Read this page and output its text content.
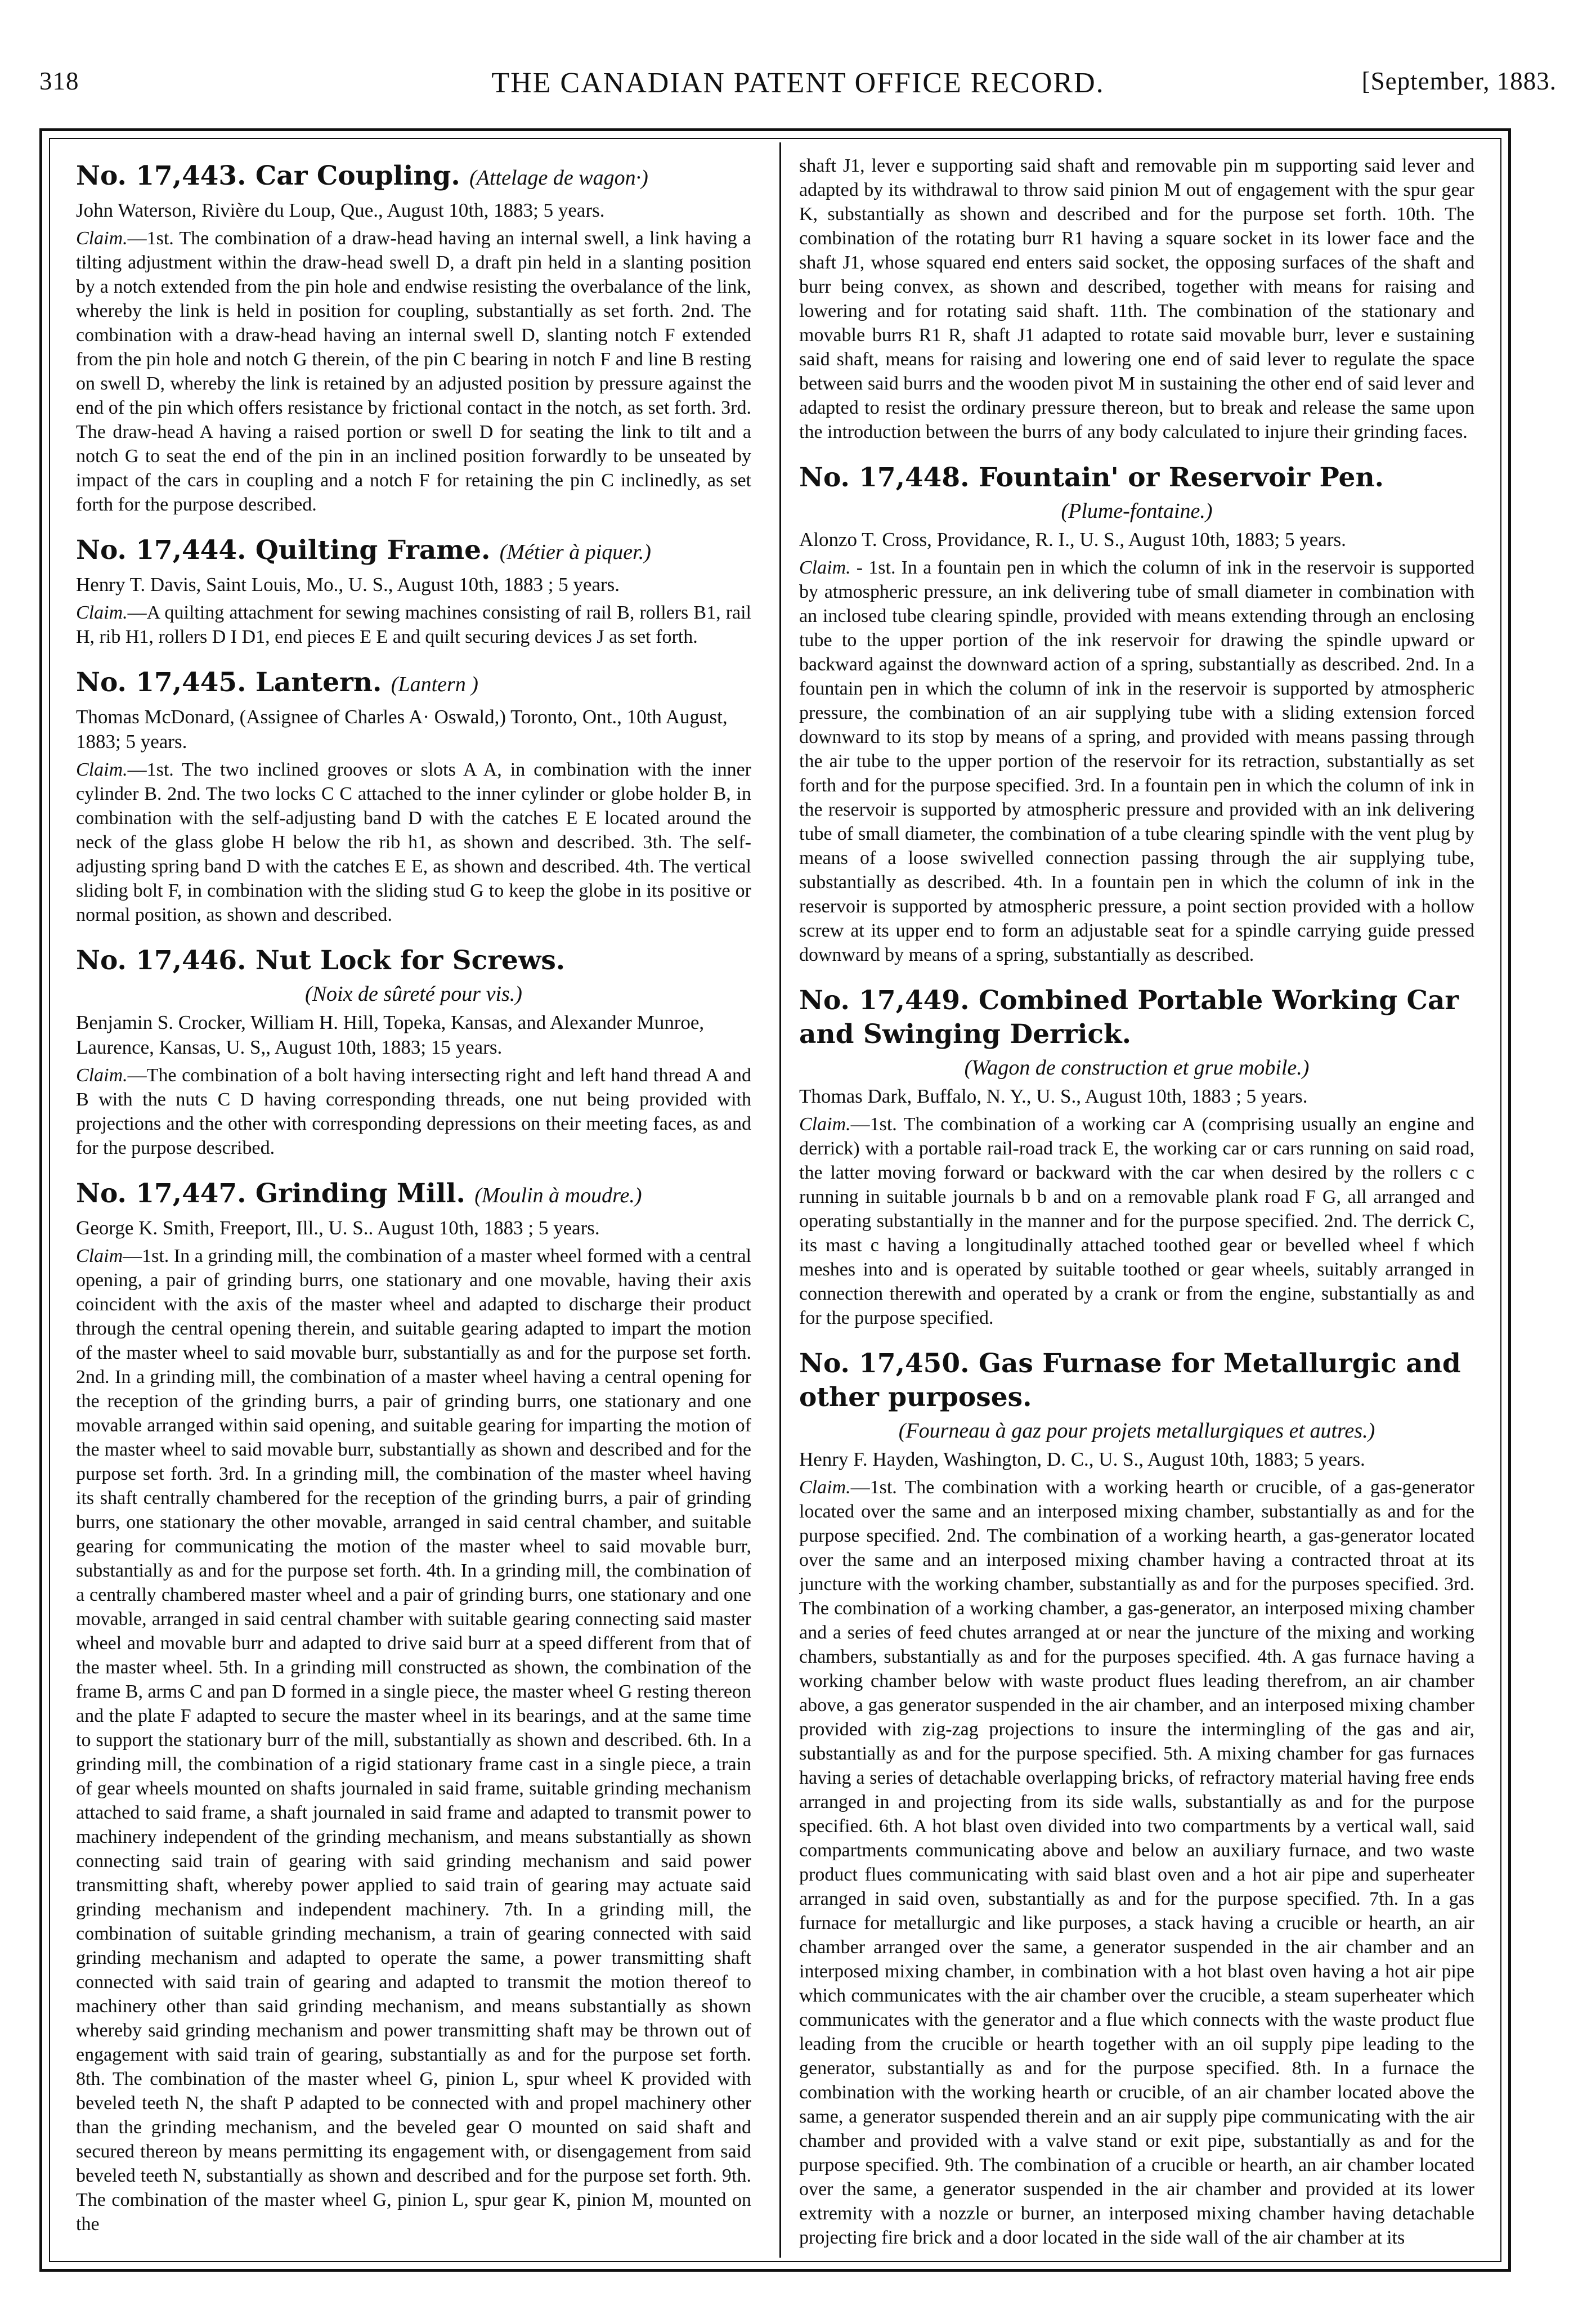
318	THE CANADIAN PATENT OFFICE RECORD.	[September, 1883.
No. 17,443. Car Coupling. (Attelage de wagon·)
John Waterson, Rivière du Loup, Que., August 10th, 1883; 5 years.
Claim.—1st. The combination of a draw-head having an internal swell, a link having a tilting adjustment within the draw-head swell D, a draft pin held in a slanting position by a notch extended from the pin hole and endwise resisting the overbalance of the link, whereby the link is held in position for coupling, substantially as set forth. 2nd. The combination with a draw-head having an internal swell D, slanting notch F extended from the pin hole and notch G therein, of the pin C bearing in notch F and line B resting on swell D, whereby the link is retained by an adjusted position by pressure against the end of the pin which offers resistance by frictional contact in the notch, as set forth. 3rd. The draw-head A having a raised portion or swell D for seating the link to tilt and a notch G to seat the end of the pin in an inclined position forwardly to be unseated by impact of the cars in coupling and a notch F for retaining the pin C inclinedly, as set forth for the purpose described.
No. 17,444. Quilting Frame. (Métier à piquer.)
Henry T. Davis, Saint Louis, Mo., U. S., August 10th, 1883 ; 5 years.
Claim.—A quilting attachment for sewing machines consisting of rail B, rollers B1, rail H, rib H1, rollers D I D1, end pieces E E and quilt securing devices J as set forth.
No. 17,445. Lantern. (Lantern )
Thomas McDonard, (Assignee of Charles A· Oswald,) Toronto, Ont., 10th August, 1883; 5 years.
Claim.—1st. The two inclined grooves or slots A A, in combination with the inner cylinder B. 2nd. The two locks C C attached to the inner cylinder or globe holder B, in combination with the self-adjusting band D with the catches E E located around the neck of the glass globe H below the rib h1, as shown and described. 3th. The self-adjusting spring band D with the catches E E, as shown and described. 4th. The vertical sliding bolt F, in combination with the sliding stud G to keep the globe in its positive or normal position, as shown and described.
No. 17,446. Nut Lock for Screws.
(Noix de sûreté pour vis.)
Benjamin S. Crocker, William H. Hill, Topeka, Kansas, and Alexander Munroe, Laurence, Kansas, U. S,, August 10th, 1883; 15 years.
Claim.—The combination of a bolt having intersecting right and left hand thread A and B with the nuts C D having corresponding threads, one nut being provided with projections and the other with corresponding depressions on their meeting faces, as and for the purpose described.
No. 17,447. Grinding Mill. (Moulin à moudre.)
George K. Smith, Freeport, Ill., U. S.. August 10th, 1883 ; 5 years.
Claim—1st. In a grinding mill, the combination of a master wheel formed with a central opening, a pair of grinding burrs, one stationary and one movable, having their axis coincident with the axis of the master wheel and adapted to discharge their product through the central opening therein, and suitable gearing adapted to impart the motion of the master wheel to said movable burr, substantially as and for the purpose set forth. 2nd. In a grinding mill, the combination of a master wheel having a central opening for the reception of the grinding burrs, a pair of grinding burrs, one stationary and one movable arranged within said opening, and suitable gearing for imparting the motion of the master wheel to said movable burr, substantially as shown and described and for the purpose set forth. 3rd. In a grinding mill, the combination of the master wheel having its shaft centrally chambered for the reception of the grinding burrs, a pair of grinding burrs, one stationary the other movable, arranged in said central chamber, and suitable gearing for communicating the motion of the master wheel to said movable burr, substantially as and for the purpose set forth. 4th. In a grinding mill, the combination of a centrally chambered master wheel and a pair of grinding burrs, one stationary and one movable, arranged in said central chamber with suitable gearing connecting said master wheel and movable burr and adapted to drive said burr at a speed different from that of the master wheel. 5th. In a grinding mill constructed as shown, the combination of the frame B, arms C and pan D formed in a single piece, the master wheel G resting thereon and the plate F adapted to secure the master wheel in its bearings, and at the same time to support the stationary burr of the mill, substantially as shown and described. 6th. In a grinding mill, the combination of a rigid stationary frame cast in a single piece, a train of gear wheels mounted on shafts journaled in said frame, suitable grinding mechanism attached to said frame, a shaft journaled in said frame and adapted to transmit power to machinery independent of the grinding mechanism, and means substantially as shown connecting said train of gearing with said grinding mechanism and said power transmitting shaft, whereby power applied to said train of gearing may actuate said grinding mechanism and independent machinery. 7th. In a grinding mill, the combination of suitable grinding mechanism, a train of gearing connected with said grinding mechanism and adapted to operate the same, a power transmitting shaft connected with said train of gearing and adapted to transmit the motion thereof to machinery other than said grinding mechanism, and means substantially as shown whereby said grinding mechanism and power transmitting shaft may be thrown out of engagement with said train of gearing, substantially as and for the purpose set forth. 8th. The combination of the master wheel G, pinion L, spur wheel K provided with beveled teeth N, the shaft P adapted to be connected with and propel machinery other than the grinding mechanism, and the beveled gear O mounted on said shaft and secured thereon by means permitting its engagement with, or disengagement from said beveled teeth N, substantially as shown and described and for the purpose set forth. 9th. The combination of the master wheel G, pinion L, spur gear K, pinion M, mounted on the
shaft J1, lever e supporting said shaft and removable pin m supporting said lever and adapted by its withdrawal to throw said pinion M out of engagement with the spur gear K, substantially as shown and described and for the purpose set forth. 10th. The combination of the rotating burr R1 having a square socket in its lower face and the shaft J1, whose squared end enters said socket, the opposing surfaces of the shaft and burr being convex, as shown and described, together with means for raising and lowering and for rotating said shaft. 11th. The combination of the stationary and movable burrs R1 R, shaft J1 adapted to rotate said movable burr, lever e sustaining said shaft, means for raising and lowering one end of said lever to regulate the space between said burrs and the wooden pivot M in sustaining the other end of said lever and adapted to resist the ordinary pressure thereon, but to break and release the same upon the introduction between the burrs of any body calculated to injure their grinding faces.
No. 17,448. Fountain' or Reservoir Pen.
(Plume-fontaine.)
Alonzo T. Cross, Providance, R. I., U. S., August 10th, 1883; 5 years.
Claim. - 1st. In a fountain pen in which the column of ink in the reservoir is supported by atmospheric pressure, an ink delivering tube of small diameter in combination with an inclosed tube clearing spindle, provided with means extending through an enclosing tube to the upper portion of the ink reservoir for drawing the spindle upward or backward against the downward action of a spring, substantially as described. 2nd. In a fountain pen in which the column of ink in the reservoir is supported by atmospheric pressure, the combination of an air supplying tube with a sliding extension forced downward to its stop by means of a spring, and provided with means passing through the air tube to the upper portion of the reservoir for its retraction, substantially as set forth and for the purpose specified. 3rd. In a fountain pen in which the column of ink in the reservoir is supported by atmospheric pressure and provided with an ink delivering tube of small diameter, the combination of a tube clearing spindle with the vent plug by means of a loose swivelled connection passing through the air supplying tube, substantially as described. 4th. In a fountain pen in which the column of ink in the reservoir is supported by atmospheric pressure, a point section provided with a hollow screw at its upper end to form an adjustable seat for a spindle carrying guide pressed downward by means of a spring, substantially as described.
No. 17,449. Combined Portable Working Car and Swinging Derrick.
(Wagon de construction et grue mobile.)
Thomas Dark, Buffalo, N. Y., U. S., August 10th, 1883 ; 5 years.
Claim.—1st. The combination of a working car A (comprising usually an engine and derrick) with a portable rail-road track E, the working car or cars running on said road, the latter moving forward or backward with the car when desired by the rollers c c running in suitable journals b b and on a removable plank road F G, all arranged and operating substantially in the manner and for the purpose specified. 2nd. The derrick C, its mast c having a longitudinally attached toothed gear or bevelled wheel f which meshes into and is operated by suitable toothed or gear wheels, suitably arranged in connection therewith and operated by a crank or from the engine, substantially as and for the purpose specified.
No. 17,450. Gas Furnase for Metallurgic and other purposes.
(Fourneau à gaz pour projets metallurgiques et autres.)
Henry F. Hayden, Washington, D. C., U. S., August 10th, 1883; 5 years.
Claim.—1st. The combination with a working hearth or crucible, of a gas-generator located over the same and an interposed mixing chamber, substantially as and for the purpose specified. 2nd. The combination of a working hearth, a gas-generator located over the same and an interposed mixing chamber having a contracted throat at its juncture with the working chamber, substantially as and for the purposes specified. 3rd. The combination of a working chamber, a gas-generator, an interposed mixing chamber and a series of feed chutes arranged at or near the juncture of the mixing and working chambers, substantially as and for the purposes specified. 4th. A gas furnace having a working chamber below with waste product flues leading therefrom, an air chamber above, a gas generator suspended in the air chamber, and an interposed mixing chamber provided with zig-zag projections to insure the intermingling of the gas and air, substantially as and for the purpose specified. 5th. A mixing chamber for gas furnaces having a series of detachable overlapping bricks, of refractory material having free ends arranged in and projecting from its side walls, substantially as and for the purpose specified. 6th. A hot blast oven divided into two compartments by a vertical wall, said compartments communicating above and below an auxiliary furnace, and two waste product flues communicating with said blast oven and a hot air pipe and superheater arranged in said oven, substantially as and for the purpose specified. 7th. In a gas furnace for metallurgic and like purposes, a stack having a crucible or hearth, an air chamber arranged over the same, a generator suspended in the air chamber and an interposed mixing chamber, in combination with a hot blast oven having a hot air pipe which communicates with the air chamber over the crucible, a steam superheater which communicates with the generator and a flue which connects with the waste product flue leading from the crucible or hearth together with an oil supply pipe leading to the generator, substantially as and for the purpose specified. 8th. In a furnace the combination with the working hearth or crucible, of an air chamber located above the same, a generator suspended therein and an air supply pipe communicating with the air chamber and provided with a valve stand or exit pipe, substantially as and for the purpose specified. 9th. The combination of a crucible or hearth, an air chamber located over the same, a generator suspended in the air chamber and provided at its lower extremity with a nozzle or burner, an interposed mixing chamber having detachable projecting fire brick and a door located in the side wall of the air chamber at its
